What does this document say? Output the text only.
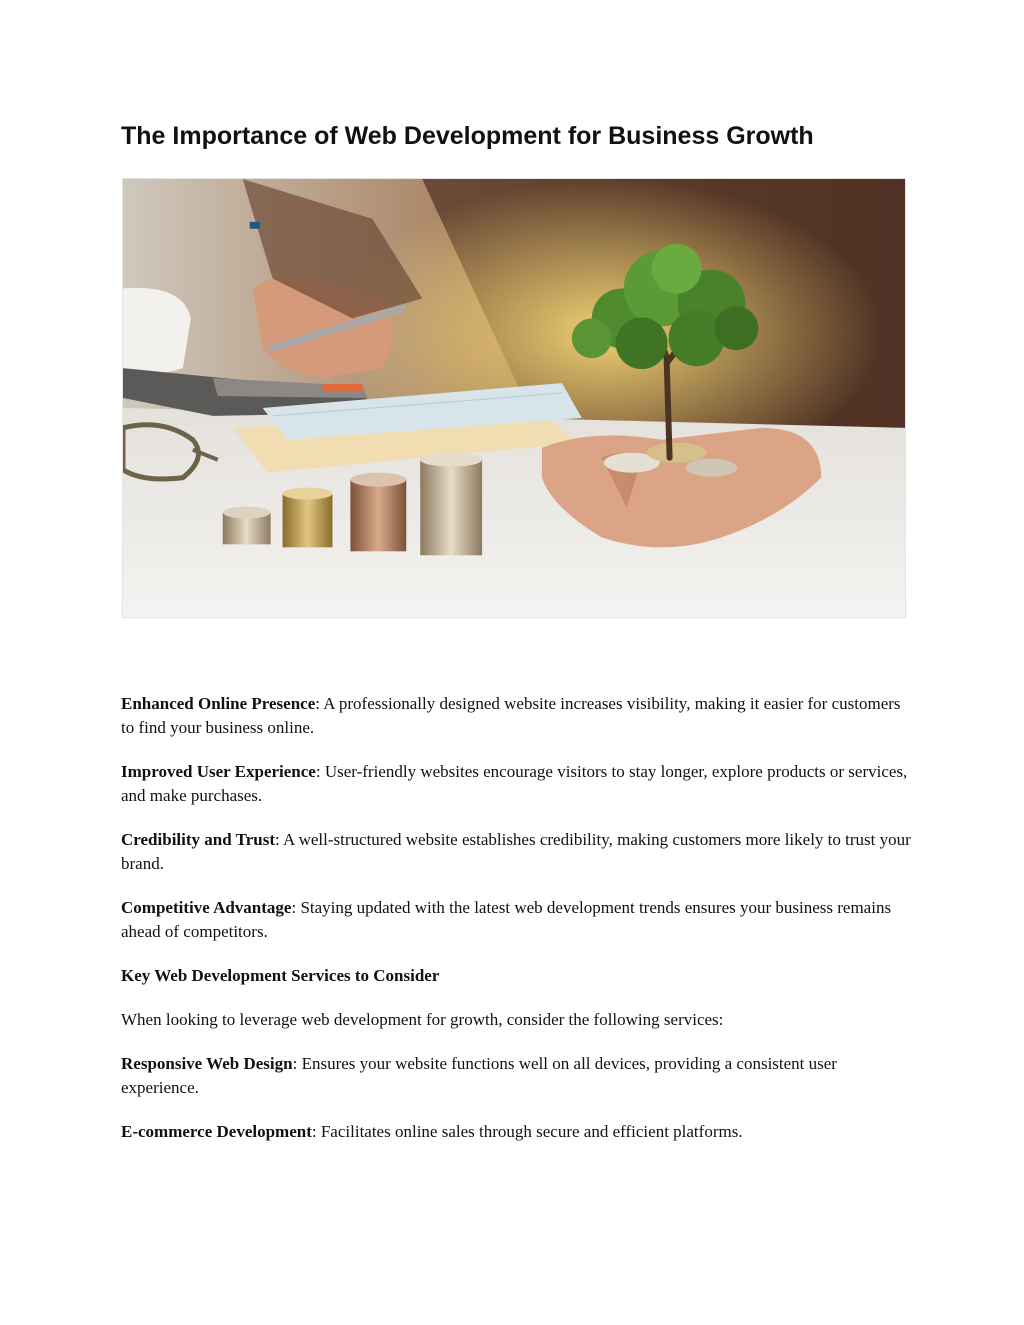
The Importance of Web Development for Business Growth

Enhanced Online Presence: A professionally designed website increases visibility, making it easier for customers to find your business online.

Improved User Experience: User-friendly websites encourage visitors to stay longer, explore products or services, and make purchases.

Credibility and Trust: A well-structured website establishes credibility, making customers more likely to trust your brand.

Competitive Advantage: Staying updated with the latest web development trends ensures your business remains ahead of competitors.

Key Web Development Services to Consider

When looking to leverage web development for growth, consider the following services:

Responsive Web Design: Ensures your website functions well on all devices, providing a consistent user experience.

E-commerce Development: Facilitates online sales through secure and efficient platforms.
